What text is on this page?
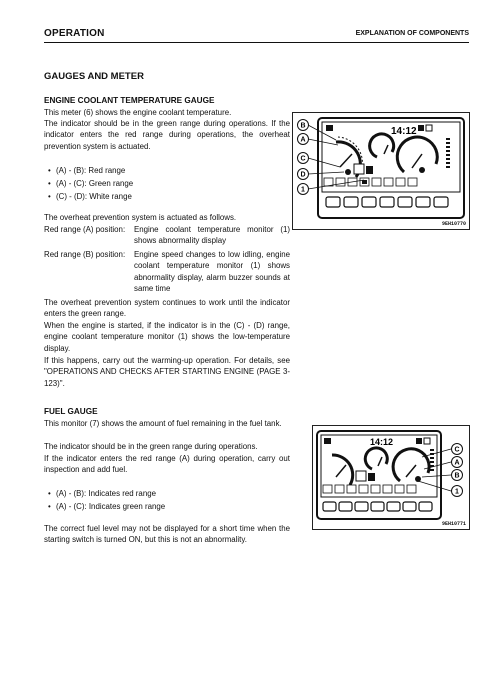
OPERATION	EXPLANATION OF COMPONENTS
GAUGES AND METER
ENGINE COOLANT TEMPERATURE GAUGE
This meter (6) shows the engine coolant temperature.
The indicator should be in the green range during operations. If the indicator enters the red range during operations, the overheat prevention system is actuated.
• (A) - (B): Red range
• (A) - (C): Green range
• (C) - (D): White range
The overheat prevention system is actuated as follows.
Red range (A) position: Engine coolant temperature monitor (1) shows abnormality display
Red range (B) position: Engine speed changes to low idling, engine coolant temperature monitor (1) shows abnormality display, alarm buzzer sounds at same time
The overheat prevention system continues to work until the indicator enters the green range.
When the engine is started, if the indicator is in the (C) - (D) range, engine coolant temperature monitor (1) shows the low-temperature display.
If this happens, carry out the warming-up operation. For details, see "OPERATIONS AND CHECKS AFTER STARTING ENGINE (PAGE 3-123)".
14:12
B
A
C
D
1
9EH10770
FUEL GAUGE
This monitor (7) shows the amount of fuel remaining in the fuel tank.
The indicator should be in the green range during operations.
If the indicator enters the red range (A) during operation, carry out inspection and add fuel.
• (A) - (B): Indicates red range
• (A) - (C): Indicates green range
The correct fuel level may not be displayed for a short time when the starting switch is turned ON, but this is not an abnormality.
14:12
C
A
B
1
9EH10771
